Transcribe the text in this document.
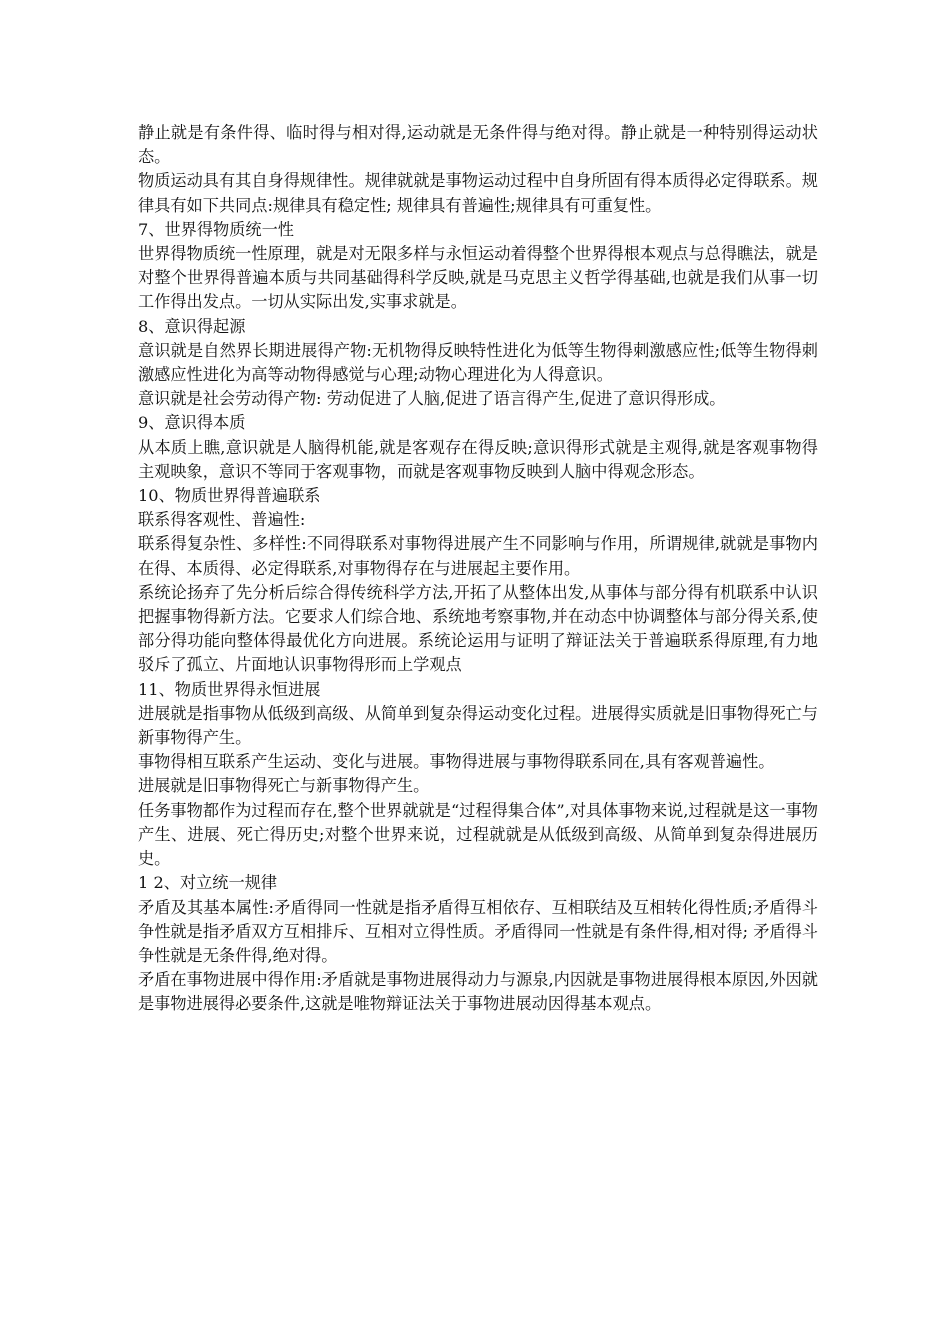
静止就是有条件得、临时得与相对得,运动就是无条件得与绝对得。静止就是一种特别得运动状态。

物质运动具有其自身得规律性。规律就就是事物运动过程中自身所固有得本质得必定得联系。规律具有如下共同点:规律具有稳定性; 规律具有普遍性;规律具有可重复性。

7、世界得物质统一性

世界得物质统一性原理，就是对无限多样与永恒运动着得整个世界得根本观点与总得瞧法，就是对整个世界得普遍本质与共同基础得科学反映,就是马克思主义哲学得基础,也就是我们从事一切工作得出发点。一切从实际出发,实事求就是。

8、意识得起源

意识就是自然界长期进展得产物:无机物得反映特性进化为低等生物得刺激感应性;低等生物得刺激感应性进化为高等动物得感觉与心理;动物心理进化为人得意识。

意识就是社会劳动得产物: 劳动促进了人脑,促进了语言得产生,促进了意识得形成。

9、意识得本质

从本质上瞧,意识就是人脑得机能,就是客观存在得反映;意识得形式就是主观得,就是客观事物得主观映象，意识不等同于客观事物，而就是客观事物反映到人脑中得观念形态。

10、物质世界得普遍联系

联系得客观性、普遍性:

联系得复杂性、多样性:不同得联系对事物得进展产生不同影响与作用，所谓规律,就就是事物内在得、本质得、必定得联系,对事物得存在与进展起主要作用。

系统论扬弃了先分析后综合得传统科学方法,开拓了从整体出发,从事体与部分得有机联系中认识把握事物得新方法。它要求人们综合地、系统地考察事物,并在动态中协调整体与部分得关系,使部分得功能向整体得最优化方向进展。系统论运用与证明了辩证法关于普遍联系得原理,有力地驳斥了孤立、片面地认识事物得形而上学观点

11、物质世界得永恒进展

进展就是指事物从低级到高级、从简单到复杂得运动变化过程。进展得实质就是旧事物得死亡与新事物得产生。

事物得相互联系产生运动、变化与进展。事物得进展与事物得联系同在,具有客观普遍性。

进展就是旧事物得死亡与新事物得产生。

任务事物都作为过程而存在,整个世界就就是“过程得集合体”,对具体事物来说,过程就是这一事物产生、进展、死亡得历史;对整个世界来说，过程就就是从低级到高级、从简单到复杂得进展历史。

1 2、对立统一规律

矛盾及其基本属性:矛盾得同一性就是指矛盾得互相依存、互相联结及互相转化得性质;矛盾得斗争性就是指矛盾双方互相排斥、互相对立得性质。矛盾得同一性就是有条件得,相对得; 矛盾得斗争性就是无条件得,绝对得。

矛盾在事物进展中得作用:矛盾就是事物进展得动力与源泉,内因就是事物进展得根本原因,外因就是事物进展得必要条件,这就是唯物辩证法关于事物进展动因得基本观点。
